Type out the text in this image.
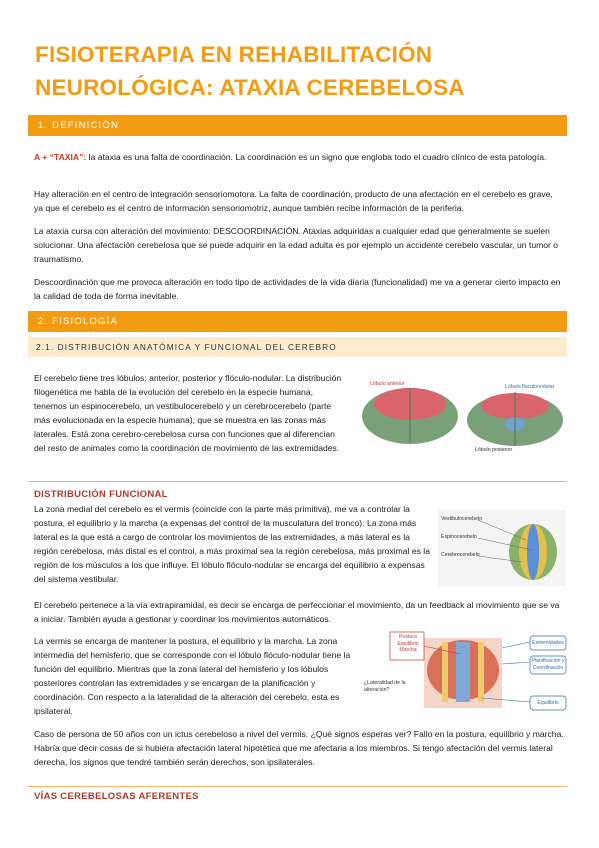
FISIOTERAPIA EN REHABILITACIÓN
NEUROLÓGICA: ATAXIA CEREBELOSA
1. DEFINICIÓN

A + “TAXIA”: la ataxia es una falta de coordinación. La coordinación es un signo que engloba todo el cuadro clínico de esta patología.

Hay alteración en el centro de integración sensoriomotora. La falta de coordinación, producto de una afectación en el cerebelo es grave, ya que el cerebelo es el centro de información sensoriomotriz, aunque también recibe información de la periferia.

La ataxia cursa con alteración del movimiento: DESCOORDINACIÓN. Ataxias adquiridas a cualquier edad que generalmente se suelen solucionar. Una afectación cerebelosa que se puede adquirir en la edad adulta es por ejemplo un accidente cerebelo vascular, un tumor o traumatismo.

Descoordinación que me provoca alteración en todo tipo de actividades de la vida diaria (funcionalidad) me va a generar cierto impacto en la calidad de toda de forma inevitable.

2. FISIOLOGÍA
2.1. DISTRIBUCIÓN ANATÓMICA Y FUNCIONAL DEL CEREBRO

El cerebelo tiene tres lóbulos: anterior, posterior y flóculo-nodular. La distribución filogenética me habla de la evolución del cerebelo en la especie humana, tenemos un espinocerebelo, un vestibulocerebelo y un cerebrocerebelo (parte más evolucionada en la especie humana), que se muestra en las zonas más laterales. Está zona cerebro-cerebelosa cursa con funciones que al diferencian del resto de animales como la coordinación de movimiento de las extremidades.

Lóbulo anterior	Lóbulo floculonodular
Lóbulo posterior
DISTRIBUCIÓN FUNCIONAL

La zona medial del cerebelo es el vermis (coincide con la parte más primitiva), me va a controlar la postura, el equilibrio y la marcha (a expensas del control de la musculatura del tronco). La zona más lateral es la que está a cargo de controlar los movimientos de las extremidades, a más lateral es la región cerebelosa, más distal es el control, a más proximal sea la región cerebelosa, más proximal es la región de los músculos a los que influye. El lóbulo flóculo-nodular se encarga del equilibrio a expensas del sistema vestibular.

Vestibulocerebelo
Espinocerebelo
Cerebrocerebelo

El cerebelo pertenece a la vía extrapiramidal, es decir se encarga de perfeccionar el movimiento, da un feedback al movimiento que se va a iniciar. También ayuda a gestionar y coordinar los movimientos automáticos.

La vermis se encarga de mantener la postura, el equilibrio y la marcha. La zona intermedia del hemisferio, que se corresponde con el lóbulo flóculo-nodular tiene la función del equilibrio. Mientras que la zona lateral del hemisferio y los lóbulos posteriores controlan las extremidades y se encargan de la planificación y coordinación. Con respecto a la lateralidad de la alteración del cerebelo, esta es ipsilateral.

Postura
Equilibrio
Marcha
Extremidades
Planificación y
Coordinación
¿Lateralidad de la
alteración?
Equilibrio

Caso de persona de 50 años con un ictus cerebeloso a nivel del vermis. ¿Qué signos esperas ver? Fallo en la postura, equilibrio y marcha. Habría que decir cosas de si hubiera afectación lateral hipotética que me afectaria a los miembros. Si tengo afectación del vermis lateral derecha, los signos que tendré también serán derechos, son ipsilaterales.

VÍAS CEREBELOSAS AFERENTES
